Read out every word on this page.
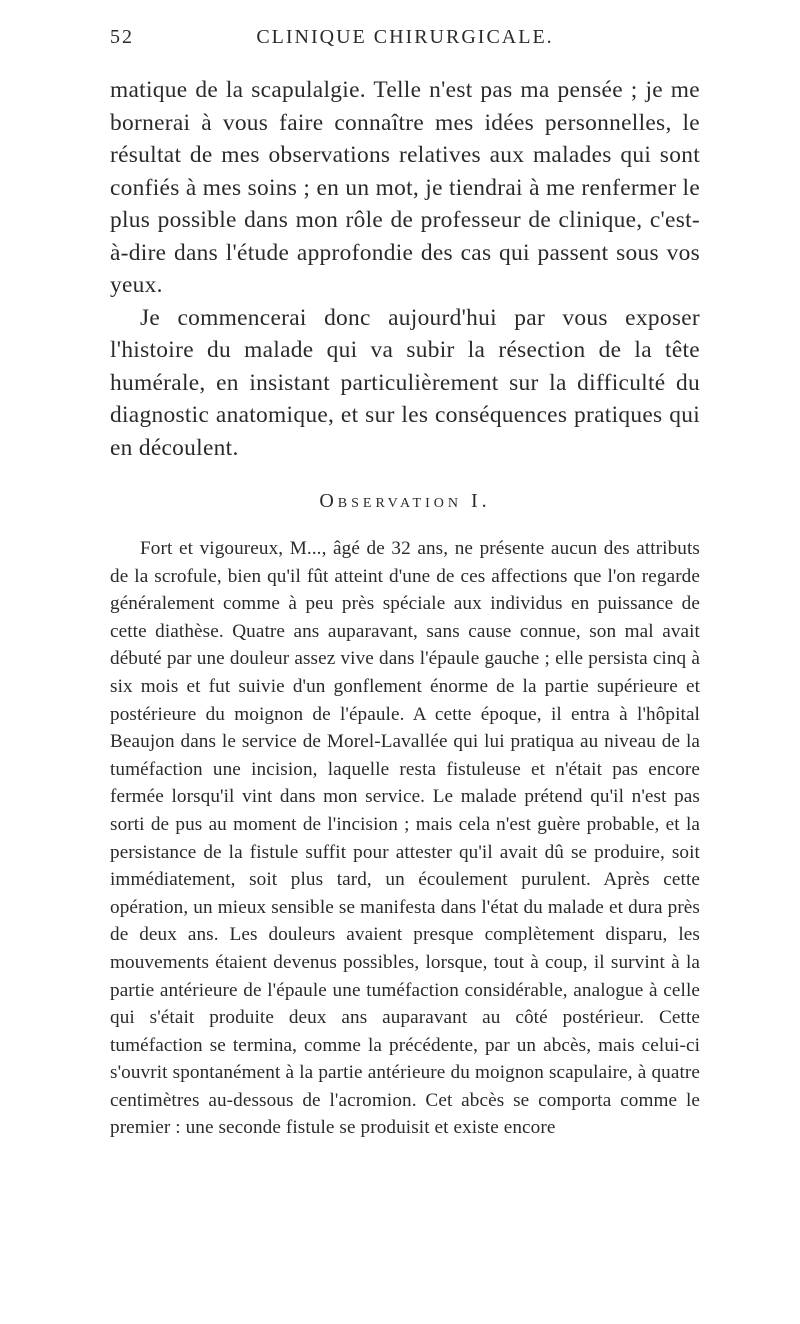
52	CLINIQUE CHIRURGICALE.

matique de la scapulalgie. Telle n'est pas ma pensée ; je me bornerai à vous faire connaître mes idées personnelles, le résultat de mes observations relatives aux malades qui sont confiés à mes soins ; en un mot, je tiendrai à me renfermer le plus possible dans mon rôle de professeur de clinique, c'est-à-dire dans l'étude approfondie des cas qui passent sous vos yeux.

Je commencerai donc aujourd'hui par vous exposer l'histoire du malade qui va subir la résection de la tête humérale, en insistant particulièrement sur la difficulté du diagnostic anatomique, et sur les conséquences pratiques qui en découlent.

Observation I.

Fort et vigoureux, M..., âgé de 32 ans, ne présente aucun des attributs de la scrofule, bien qu'il fût atteint d'une de ces affections que l'on regarde généralement comme à peu près spéciale aux individus en puissance de cette diathèse. Quatre ans auparavant, sans cause connue, son mal avait débuté par une douleur assez vive dans l'épaule gauche ; elle persista cinq à six mois et fut suivie d'un gonflement énorme de la partie supérieure et postérieure du moignon de l'épaule. A cette époque, il entra à l'hôpital Beaujon dans le service de Morel-Lavallée qui lui pratiqua au niveau de la tuméfaction une incision, laquelle resta fistuleuse et n'était pas encore fermée lorsqu'il vint dans mon service. Le malade prétend qu'il n'est pas sorti de pus au moment de l'incision ; mais cela n'est guère probable, et la persistance de la fistule suffit pour attester qu'il avait dû se produire, soit immédiatement, soit plus tard, un écoulement purulent. Après cette opération, un mieux sensible se manifesta dans l'état du malade et dura près de deux ans. Les douleurs avaient presque complètement disparu, les mouvements étaient devenus possibles, lorsque, tout à coup, il survint à la partie antérieure de l'épaule une tuméfaction considérable, analogue à celle qui s'était produite deux ans auparavant au côté postérieur. Cette tuméfaction se termina, comme la précédente, par un abcès, mais celui-ci s'ouvrit spontanément à la partie antérieure du moignon scapulaire, à quatre centimètres au-dessous de l'acromion. Cet abcès se comporta comme le premier : une seconde fistule se produisit et existe encore
